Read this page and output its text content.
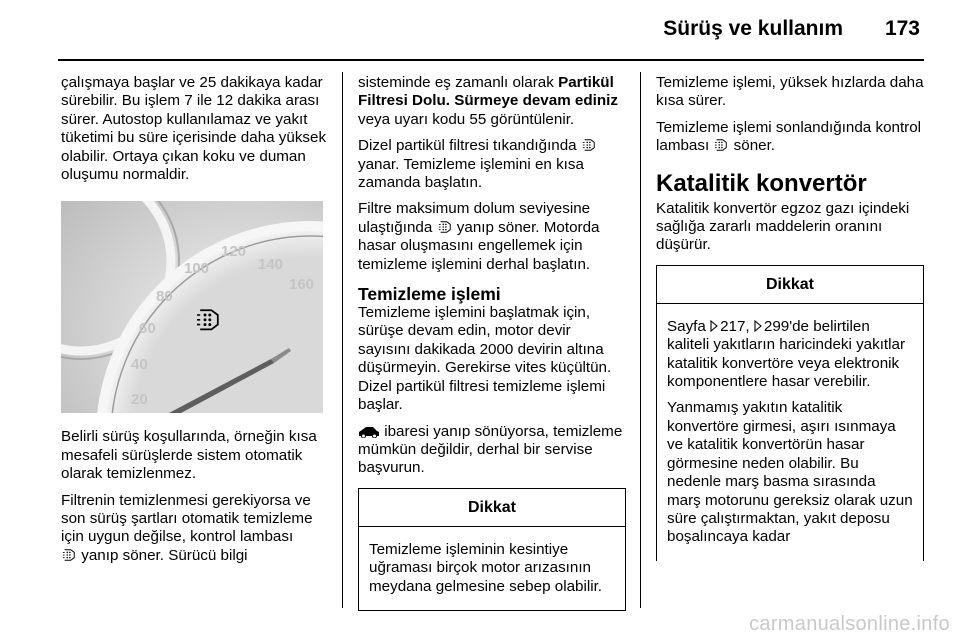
Sürüş ve kullanım 173

çalışmaya başlar ve 25 dakikaya kadar sürebilir. Bu işlem 7 ile 12 dakika arası sürer. Autostop kullanılamaz ve yakıt tüketimi bu süre içerisinde daha yüksek olabilir. Ortaya çıkan koku ve duman oluşumu normaldir.

20
40
60
80
100
120
140
160

Belirli sürüş koşullarında, örneğin kısa mesafeli sürüşlerde sistem otomatik olarak temizlenmez.

Filtrenin temizlenmesi gerekiyorsa ve son sürüş şartları otomatik temizleme için uygun değilse, kontrol lambası
yanıp söner. Sürücü bilgi

sisteminde eş zamanlı olarak Partikül Filtresi Dolu. Sürmeye devam ediniz veya uyarı kodu 55 görüntülenir.

Dizel partikül filtresi tıkandığında  yanar. Temizleme işlemini en kısa zamanda başlatın.

Filtre maksimum dolum seviyesine ulaştığında yanıp söner. Motorda hasar oluşmasını engellemek için temizleme işlemini derhal başlatın.

Temizleme işlemi

Temizleme işlemini başlatmak için, sürüşe devam edin, motor devir sayısını dakikada 2000 devirin altına düşürmeyin. Gerekirse vites küçültün. Dizel partikül filtresi temizleme işlemi başlar.

ibaresi yanıp sönüyorsa, temizleme mümkün değildir, derhal bir servise başvurun.

Dikkat

Temizleme işleminin kesintiye uğraması birçok motor arızasının meydana gelmesine sebep olabilir.

Temizleme işlemi, yüksek hızlarda daha kısa sürer.

Temizleme işlemi sonlandığında kontrol lambası söner.

Katalitik konvertör

Katalitik konvertör egzoz gazı içindeki sağlığa zararlı maddelerin oranını düşürür.

Dikkat

Sayfa 217, 299'de belirtilen kaliteli yakıtların haricindeki yakıtlar katalitik konvertöre veya elektronik komponentlere hasar verebilir.

Yanmamış yakıtın katalitik konvertöre girmesi, aşırı ısınmaya ve katalitik konvertörün hasar görmesine neden olabilir. Bu nedenle marş basma sırasında marş motorunu gereksiz olarak uzun süre çalıştırmaktan, yakıt deposu boşalıncaya kadar

carmanualsonline.info
